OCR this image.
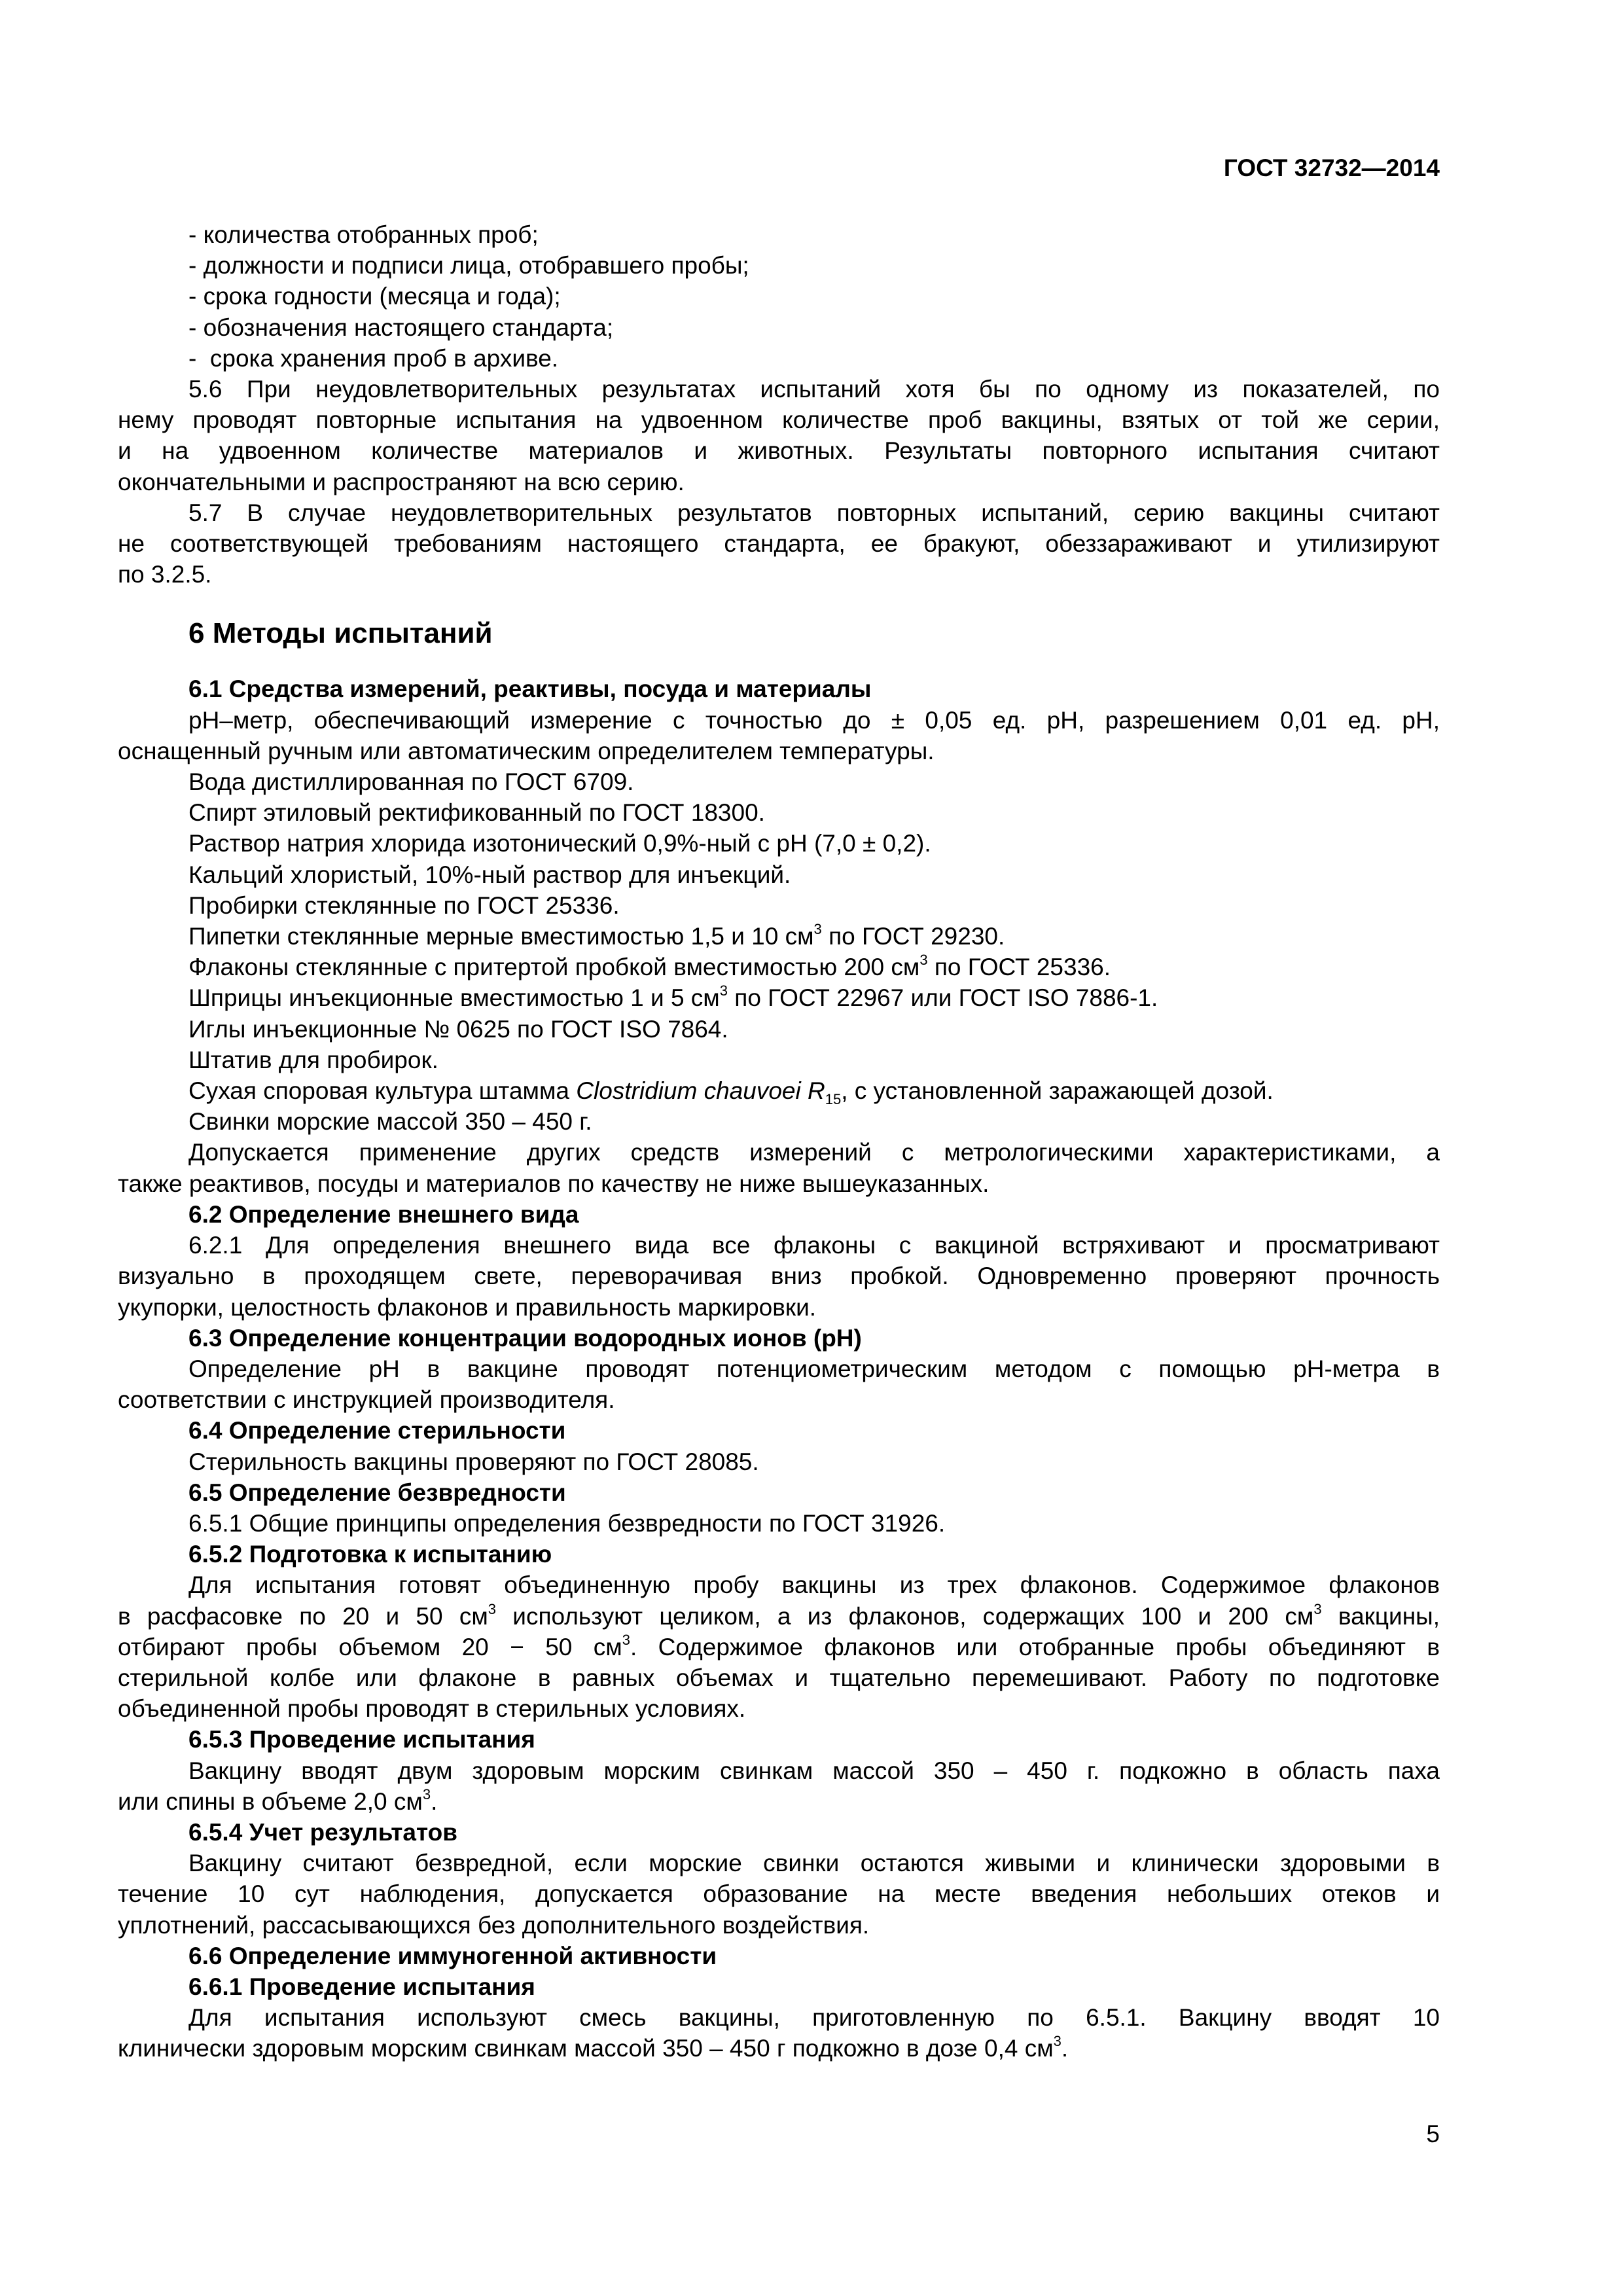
ГОСТ 32732—2014

- количества отобранных проб;

- должности и подписи лица, отобравшего пробы;

- срока годности (месяца и года);

- обозначения настоящего стандарта;

-  срока хранения проб в архиве.

5.6 При неудовлетворительных результатах испытаний хотя бы по одному из показателей, по

нему проводят повторные испытания на удвоенном количестве проб вакцины, взятых от той же серии,

и на удвоенном количестве материалов и животных. Результаты повторного испытания считают

окончательными и распространяют на всю серию.

5.7 В случае неудовлетворительных результатов повторных испытаний, серию вакцины считают

не соответствующей требованиям настоящего стандарта, ее бракуют, обеззараживают и утилизируют

по 3.2.5.

6 Методы испытаний

6.1 Средства измерений, реактивы, посуда и материалы

рН–метр, обеспечивающий измерение с точностью до ± 0,05 ед. рН, разрешением 0,01 ед. рН,

оснащенный ручным или автоматическим определителем температуры.

Вода дистиллированная по ГОСТ 6709.

Спирт этиловый ректификованный по ГОСТ 18300.

Раствор натрия хлорида изотонический 0,9%-ный с рН (7,0 ± 0,2).

Кальций хлористый, 10%-ный раствор для инъекций.

Пробирки стеклянные по ГОСТ 25336.

Пипетки стеклянные мерные вместимостью 1,5 и 10 $см^3$ по ГОСТ 29230.

Флаконы стеклянные с притертой пробкой вместимостью 200 $см^3$ по ГОСТ 25336.

Шприцы инъекционные вместимостью 1 и 5 $см^3$ по ГОСТ 22967 или ГОСТ ISO 7886-1.

Иглы инъекционные № 0625 по ГОСТ ISO 7864.

Штатив для пробирок.

Сухая споровая культура штамма Clostridium chauvoei $R_{15}$, с установленной заражающей дозой.

Свинки морские массой 350 – 450 г.

Допускается применение других средств измерений с метрологическими характеристиками, а

также реактивов, посуды и материалов по качеству не ниже вышеуказанных.

6.2 Определение внешнего вида

6.2.1 Для определения внешнего вида все флаконы с вакциной встряхивают и просматривают

визуально в проходящем свете, переворачивая вниз пробкой. Одновременно проверяют прочность

укупорки, целостность флаконов и правильность маркировки.

6.3 Определение концентрации водородных ионов (рН)

Определение рН в вакцине проводят потенциометрическим методом с помощью рН-метра в

соответствии с инструкцией производителя.

6.4 Определение стерильности

Стерильность вакцины проверяют по ГОСТ 28085.

6.5 Определение безвредности

6.5.1 Общие принципы определения безвредности по ГОСТ 31926.

6.5.2 Подготовка к испытанию

Для испытания готовят объединенную пробу вакцины из трех флаконов. Содержимое флаконов

в расфасовке по 20 и 50 $см^3$ используют целиком, а из флаконов, содержащих 100 и 200 $см^3$ вакцины,

отбирают пробы объемом 20 − 50 $см^3$. Содержимое флаконов или отобранные пробы объединяют в

стерильной колбе или флаконе в равных объемах и тщательно перемешивают. Работу по подготовке

объединенной пробы проводят в стерильных условиях.

6.5.3 Проведение испытания

Вакцину вводят двум здоровым морским свинкам массой 350 – 450 г. подкожно в область паха

или спины в объеме 2,0 $см^3$.

6.5.4 Учет результатов

Вакцину считают безвредной, если морские свинки остаются живыми и клинически здоровыми в

течение 10 сут наблюдения, допускается образование на месте введения небольших отеков и

уплотнений, рассасывающихся без дополнительного воздействия.

6.6 Определение иммуногенной активности

6.6.1 Проведение испытания

Для испытания используют смесь вакцины, приготовленную по 6.5.1. Вакцину вводят 10

клинически здоровым морским свинкам массой 350 – 450 г подкожно в дозе 0,4 $см^3$.

5
